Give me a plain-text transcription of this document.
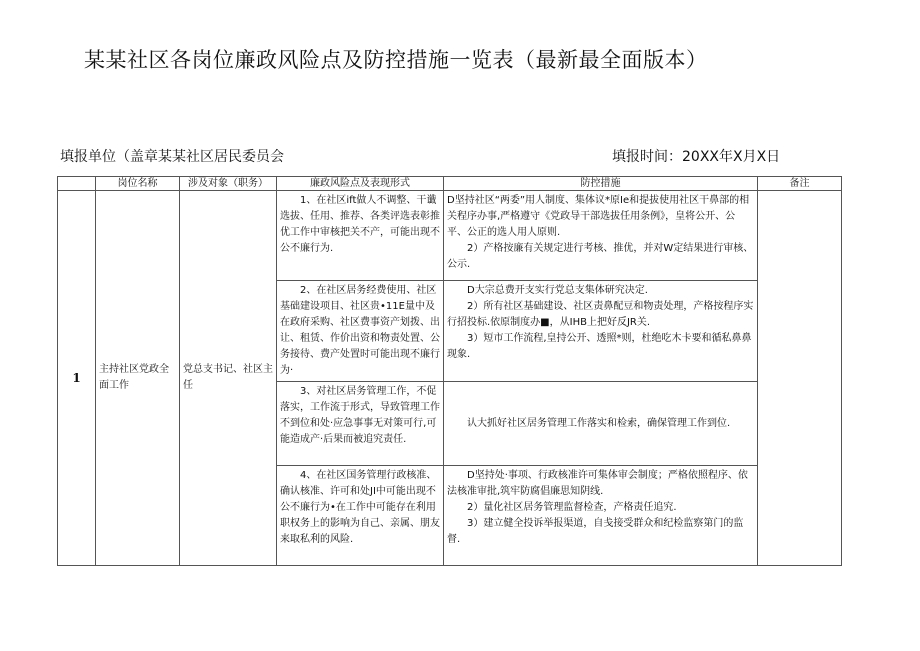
某某社区各岗位廉政风险点及防控措施一览表（最新最全面版本）
填报单位（盖章某某社区居民委员会	填报时间：20XX年X月X日
	岗位名称	涉及对象（职务）	廉政风险点及表现形式	防控措施	备注
1	主持社区党政全面工作	党总支书记、社区主任	1、在社区ift做人不调整、干谶选拔、任用、推荐、各类评选表彰推优工作中审核把关不产，可能出现不公不廉行为.	D坚持社区“两委”用人制度、集体议*原Ie和提拔使用社区干鼻部的相关程序办事,严格遵守《党政导干部选拔任用条例》，皇将公开、公平、公正的选人用人原则.
2）产格按廉有关规定进行考核、推优，并对W定结果进行审核、公示.	

			2、在社区居务经费使用、社区基础建设项目、社区贵•11E量中及在政府采购、社区费事资产划拨、出让、租赁、作价出资和物责处置、公务接待、费产处置时可能出现不廉行为·	D大宗总费开支实行党总支集体研究决定.
2）所有社区基础建设、社区责鼻配豆和物责处理，产格按程序实行招投标.依原制度办■，从IHB上把好反JR关.
3）短市工作流程,皇持公开、透照*则，杜绝吃木卡要和循私鼻鼻现象.	

			3、对社区居务管理工作，不促落实，工作流于形式，导致管理工作不到位和处·应急事事无对策可行,可能造成产·后果而被追究责任.	认大抓好社区居务管理工作落实和检索，确保管理工作到位.	

			4、在社区国务管理行政核准、确认核准、许可和处JI中可能出现不公不廉行为•在工作中可能存在利用职权务上的影响为自己、亲属、朋友来取私利的风险.	D坚持处·事项、行政核准许可集体审会制度；严格依照程序、依法核准审批,筑牢防腐倡廉思知阴线.
2）量化社区居务管理监督检查，产格责任追究.
3）建立健全投诉举报渠道，自戋接受群众和纪检监察第门的监督.	
